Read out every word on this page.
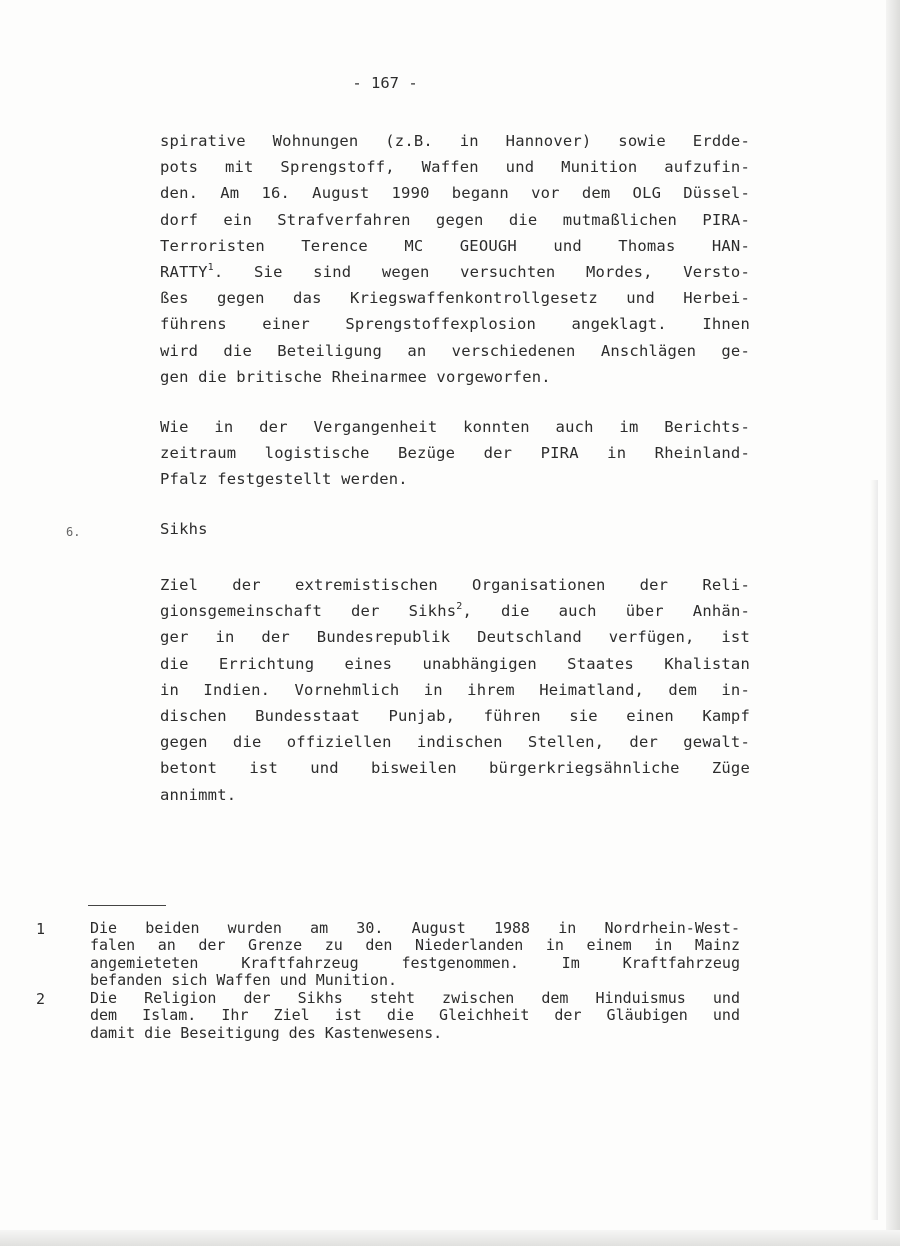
- 167 -

spirative Wohnungen (z.B. in Hannover) sowie Erdde-
pots mit Sprengstoff, Waffen und Munition aufzufin-
den. Am 16. August 1990 begann vor dem OLG Düssel-
dorf ein Strafverfahren gegen die mutmaßlichen PIRA-
Terroristen Terence MC GEOUGH und Thomas HAN-
RATTY$^1$. Sie sind wegen versuchten Mordes, Versto-
ßes gegen das Kriegswaffenkontrollgesetz und Herbei-
führens einer Sprengstoffexplosion angeklagt. Ihnen
wird die Beteiligung an verschiedenen Anschlägen ge-
gen die britische Rheinarmee vorgeworfen.

Wie in der Vergangenheit konnten auch im Berichts-
zeitraum logistische Bezüge der PIRA in Rheinland-
Pfalz festgestellt werden.

6.	Sikhs

Ziel der extremistischen Organisationen der Reli-
gionsgemeinschaft der Sikhs$^2$, die auch über Anhän-
ger in der Bundesrepublik Deutschland verfügen, ist
die Errichtung eines unabhängigen Staates Khalistan
in Indien. Vornehmlich in ihrem Heimatland, dem in-
dischen Bundesstaat Punjab, führen sie einen Kampf
gegen die offiziellen indischen Stellen, der gewalt-
betont ist und bisweilen bürgerkriegsähnliche Züge
annimmt.

1	Die beiden wurden am 30. August 1988 in Nordrhein-West-
falen an der Grenze zu den Niederlanden in einem in Mainz
angemieteten Kraftfahrzeug festgenommen. Im Kraftfahrzeug
befanden sich Waffen und Munition.

2	Die Religion der Sikhs steht zwischen dem Hinduismus und
dem Islam. Ihr Ziel ist die Gleichheit der Gläubigen und
damit die Beseitigung des Kastenwesens.
